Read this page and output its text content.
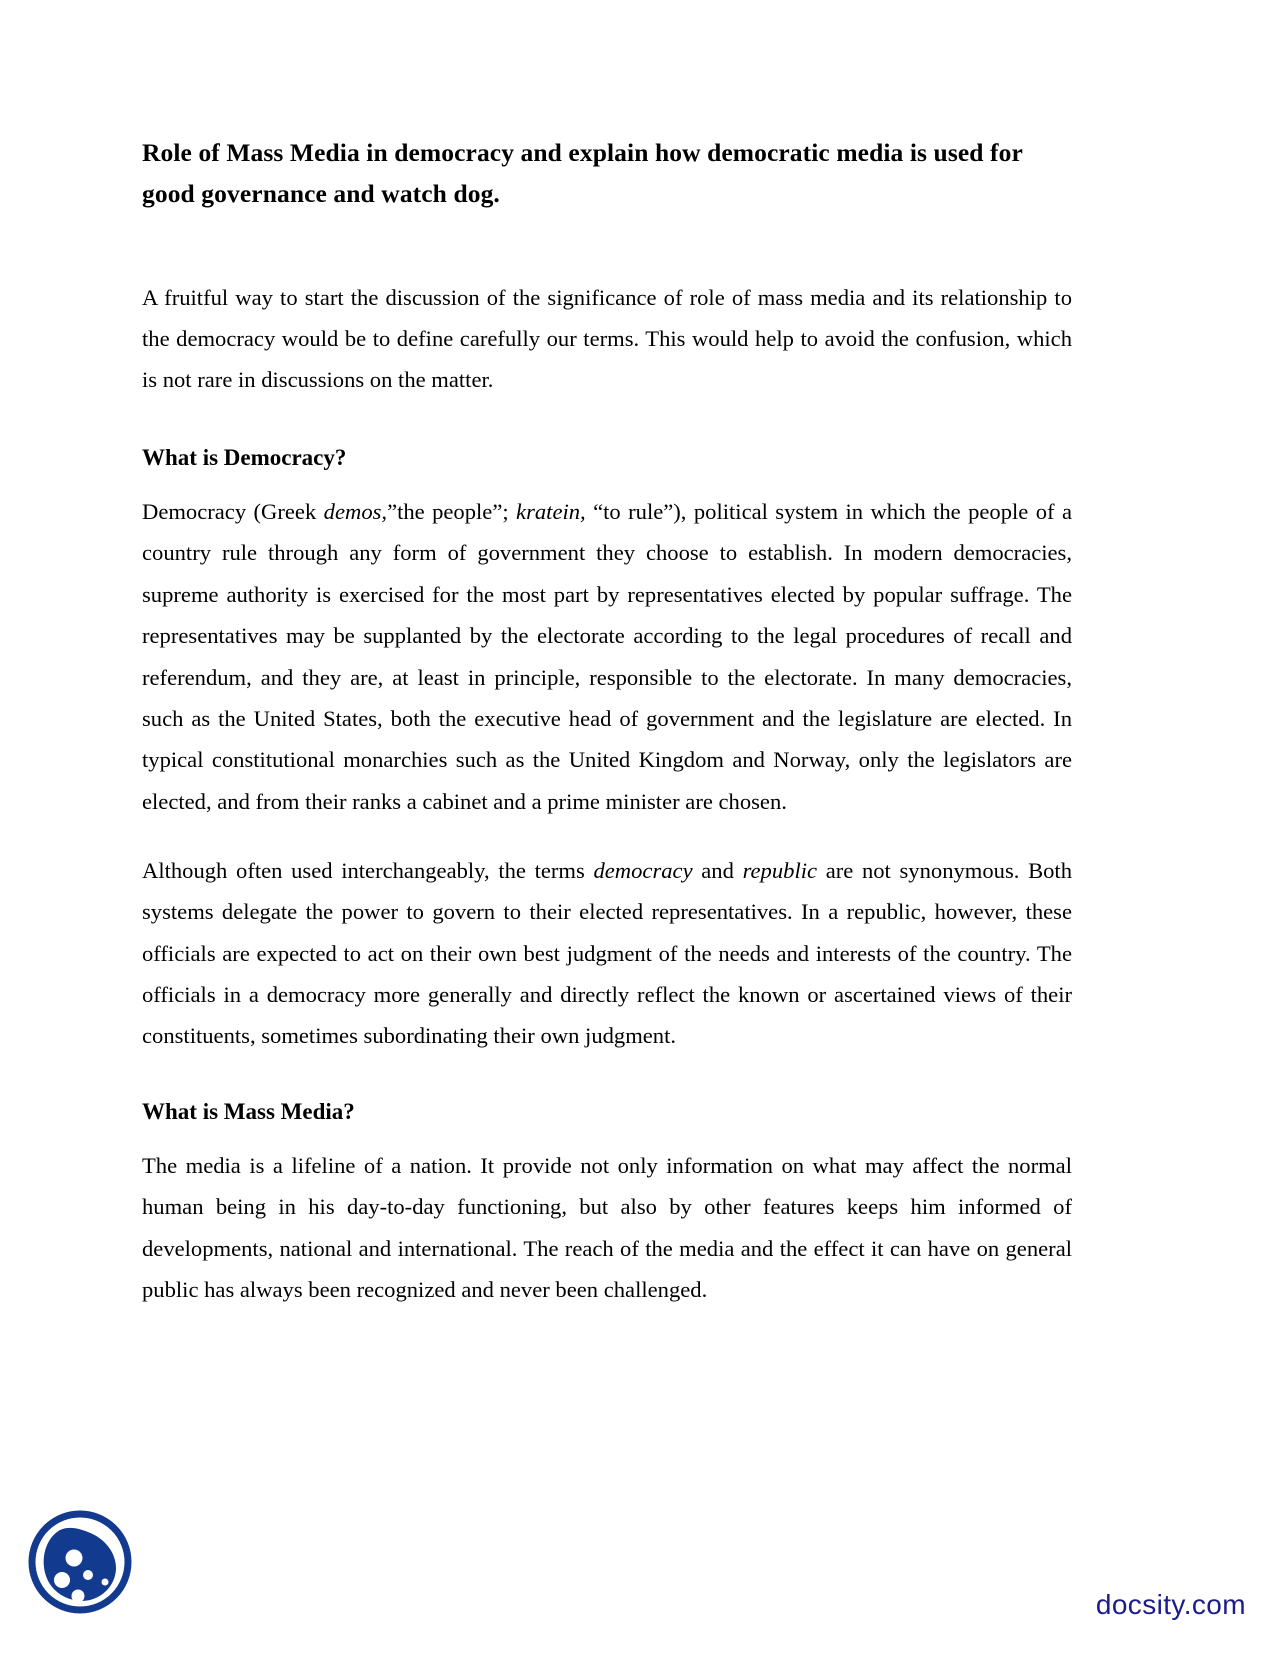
Role of Mass Media in democracy and explain how democratic media is used for good governance and watch dog.

A fruitful way to start the discussion of the significance of role of mass media and its relationship to the democracy would be to define carefully our terms. This would help to avoid the confusion, which is not rare in discussions on the matter.

What is Democracy?

Democracy (Greek demos,”the people”; kratein, “to rule”), political system in which the people of a country rule through any form of government they choose to establish. In modern democracies, supreme authority is exercised for the most part by representatives elected by popular suffrage. The representatives may be supplanted by the electorate according to the legal procedures of recall and referendum, and they are, at least in principle, responsible to the electorate. In many democracies, such as the United States, both the executive head of government and the legislature are elected. In typical constitutional monarchies such as the United Kingdom and Norway, only the legislators are elected, and from their ranks a cabinet and a prime minister are chosen.

Although often used interchangeably, the terms democracy and republic are not synonymous. Both systems delegate the power to govern to their elected representatives. In a republic, however, these officials are expected to act on their own best judgment of the needs and interests of the country. The officials in a democracy more generally and directly reflect the known or ascertained views of their constituents, sometimes subordinating their own judgment.

What is Mass Media?

The media is a lifeline of a nation. It provide not only information on what may affect the normal human being in his day-to-day functioning, but also by other features keeps him informed of developments, national and international. The reach of the media and the effect it can have on general public has always been recognized and never been challenged.

docsity.com
